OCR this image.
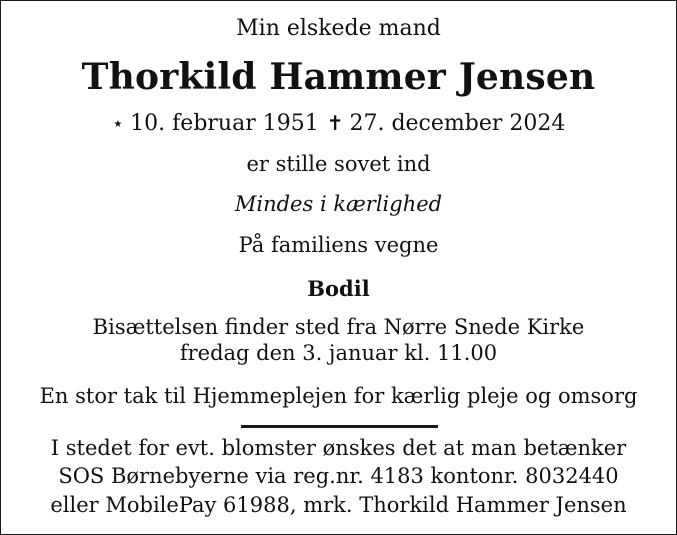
Min elskede mand
Thorkild Hammer Jensen
⋆ 10. februar 1951 ✝ 27. december 2024
er stille sovet ind
Mindes i kærlighed
På familiens vegne
Bodil
Bisættelsen finder sted fra Nørre Snede Kirke
fredag den 3. januar kl. 11.00
En stor tak til Hjemmeplejen for kærlig pleje og omsorg
I stedet for evt. blomster ønskes det at man betænker
SOS Børnebyerne via reg.nr. 4183 kontonr. 8032440
eller MobilePay 61988, mrk. Thorkild Hammer Jensen
